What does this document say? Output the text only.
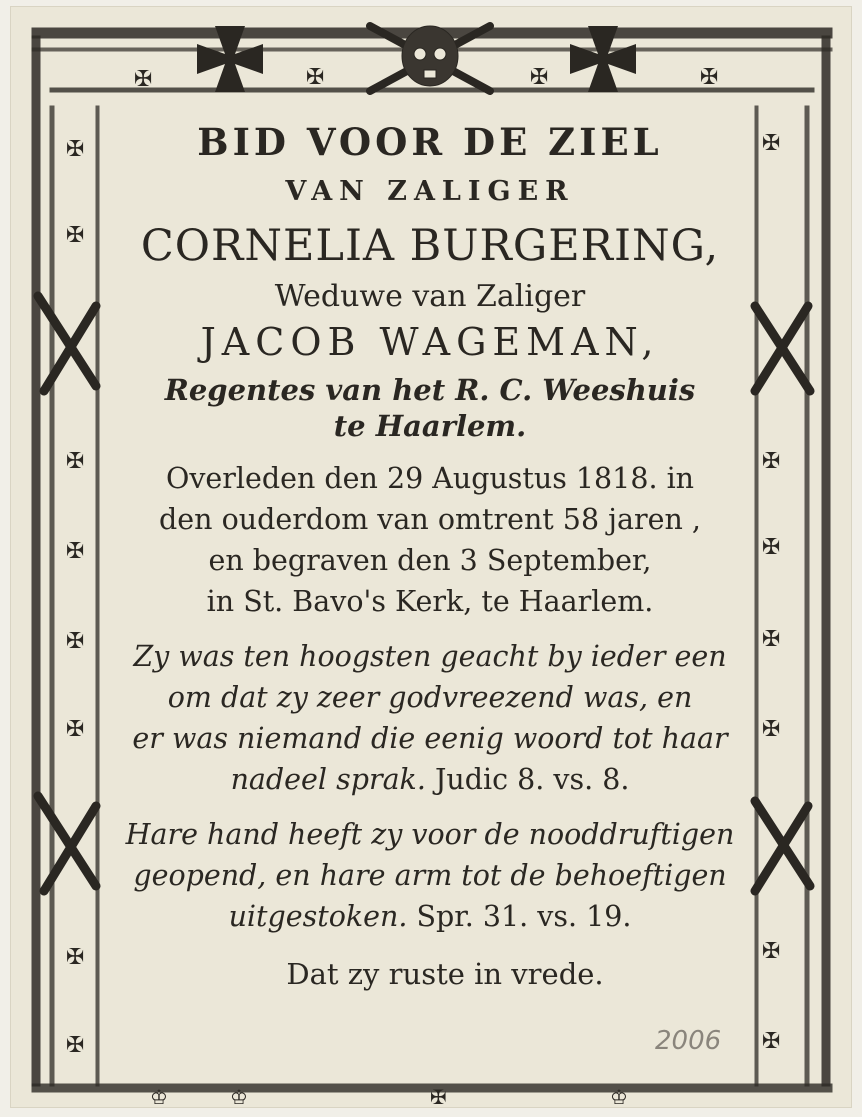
✠	✠	✠	✠
✠
✠
✠
✠
✠
✠
✠
✠
✠
✠
✠
✠
✠
✠
✠
♔	♔	✠	♔
BID VOOR DE ZIEL
VAN ZALIGER
CORNELIA BURGERING,
Weduwe van Zaliger
JACOB WAGEMAN,
Regentes van het R. C. Weeshuis
te Haarlem.
Overleden den 29 Augustus 1818. in
den ouderdom van omtrent 58 jaren ,
en begraven den 3 September,
in St. Bavo's Kerk, te Haarlem.
Zy was ten hoogsten geacht by ieder een
om dat zy zeer godvreezend was, en
er was niemand die eenig woord tot haar
nadeel sprak. Judic 8. vs. 8.
Hare hand heeft zy voor de nooddruftigen
geopend, en hare arm tot de behoeftigen
uitgestoken. Spr. 31. vs. 19.
Dat zy ruste in vrede.
2006
